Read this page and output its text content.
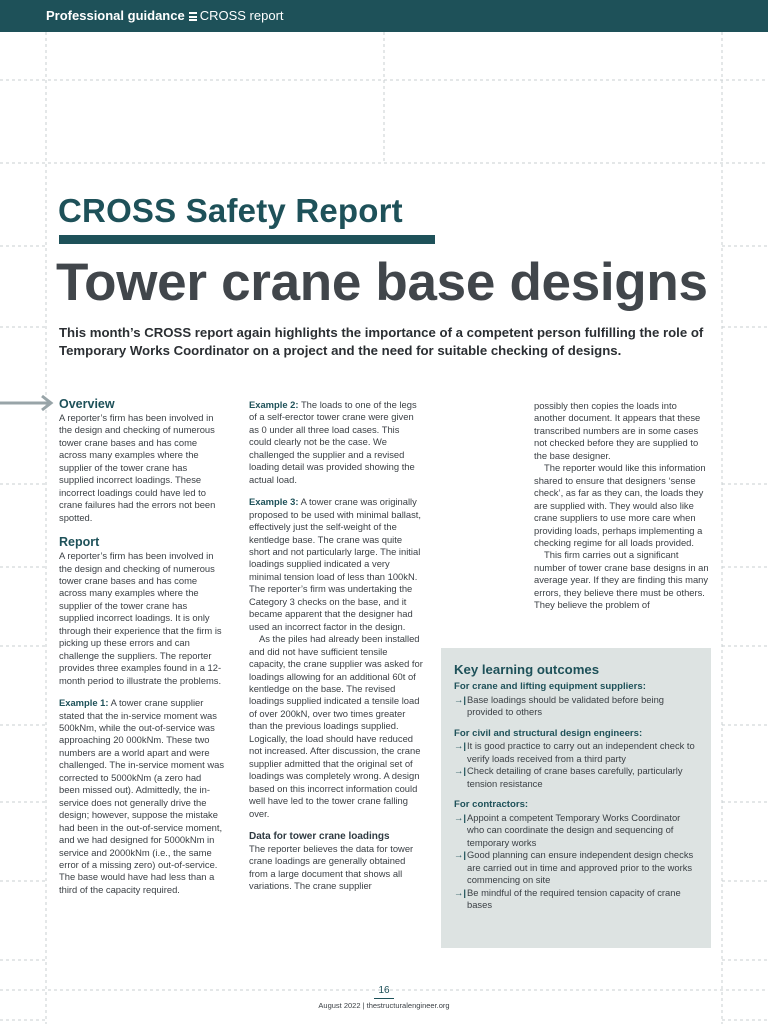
Professional guidance CROSS report
CROSS Safety Report
Tower crane base designs
This month’s CROSS report again highlights the importance of a competent person fulfilling the role of Temporary Works Coordinator on a project and the need for suitable checking of designs.
Overview

A reporter’s firm has been involved in the design and checking of numerous tower crane bases and has come across many examples where the supplier of the tower crane has supplied incorrect loadings. These incorrect loadings could have led to crane failures had the errors not been spotted.

Report

A reporter’s firm has been involved in the design and checking of numerous tower crane bases and has come across many examples where the supplier of the tower crane has supplied incorrect loadings. It is only through their experience that the firm is picking up these errors and can challenge the suppliers. The reporter provides three examples found in a 12-month period to illustrate the problems.

Example 1: A tower crane supplier stated that the in-service moment was 500kNm, while the out-of-service was approaching 20 000kNm. These two numbers are a world apart and were challenged. The in-service moment was corrected to 5000kNm (a zero had been missed out). Admittedly, the in-service does not generally drive the design; however, suppose the mistake had been in the out-of-service moment, and we had designed for 5000kNm in service and 2000kNm (i.e., the same error of a missing zero) out-of-service. The base would have had less than a third of the capacity required.

Example 2: The loads to one of the legs of a self-erector tower crane were given as 0 under all three load cases. This could clearly not be the case. We challenged the supplier and a revised loading detail was provided showing the actual load.

Example 3: A tower crane was originally proposed to be used with minimal ballast, effectively just the self-weight of the kentledge base. The crane was quite short and not particularly large. The initial loadings supplied indicated a very minimal tension load of less than 100kN. The reporter’s firm was undertaking the Category 3 checks on the base, and it became apparent that the designer had used an incorrect factor in the design.

As the piles had already been installed and did not have sufficient tensile capacity, the crane supplier was asked for loadings allowing for an additional 60t of kentledge on the base. The revised loadings supplied indicated a tensile load of over 200kN, over two times greater than the previous loadings supplied. Logically, the load should have reduced not increased. After discussion, the crane supplier admitted that the original set of loadings was completely wrong. A design based on this incorrect information could well have led to the tower crane falling over.

Data for tower crane loadings

The reporter believes the data for tower crane loadings are generally obtained from a large document that shows all variations. The crane supplier

possibly then copies the loads into another document. It appears that these transcribed numbers are in some cases not checked before they are supplied to the base designer.

The reporter would like this information shared to ensure that designers ‘sense check’, as far as they can, the loads they are supplied with. They would also like crane suppliers to use more care when providing loads, perhaps implementing a checking regime for all loads provided.

This firm carries out a significant number of tower crane base designs in an average year. If they are finding this many errors, they believe there must be others. They believe the problem of

Key learning outcomes
For crane and lifting equipment suppliers:
→| Base loadings should be validated before being provided to others
For civil and structural design engineers:
→| It is good practice to carry out an independent check to verify loads received from a third party
→| Check detailing of crane bases carefully, particularly tension resistance
For contractors:
→| Appoint a competent Temporary Works Coordinator who can coordinate the design and sequencing of temporary works
→| Good planning can ensure independent design checks are carried out in time and approved prior to the works commencing on site
→| Be mindful of the required tension capacity of crane bases
16
August 2022 | thestructuralengineer.org
